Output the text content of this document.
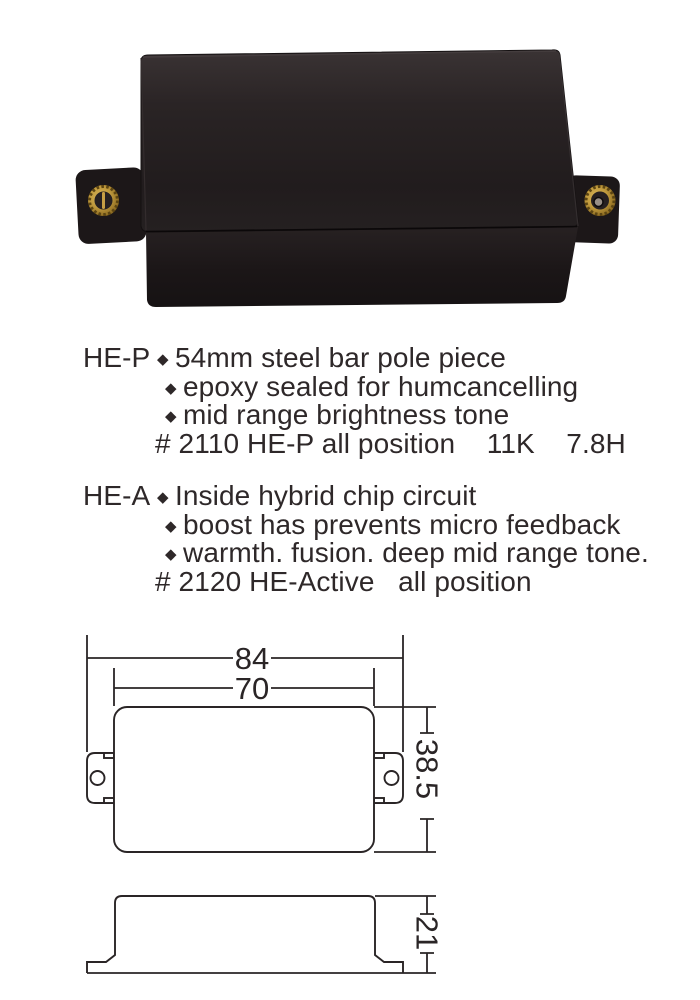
HE-P ◆ 54mm steel bar pole piece
◆ epoxy sealed for humcancelling
◆ mid range brightness tone
# 2110 HE-P all position    11K    7.8H
HE-A ◆ Inside hybrid chip circuit
◆ boost has prevents micro feedback
◆ warmth. fusion. deep mid range tone.
# 2120 HE-Active   all position
84
70
38.5
21
